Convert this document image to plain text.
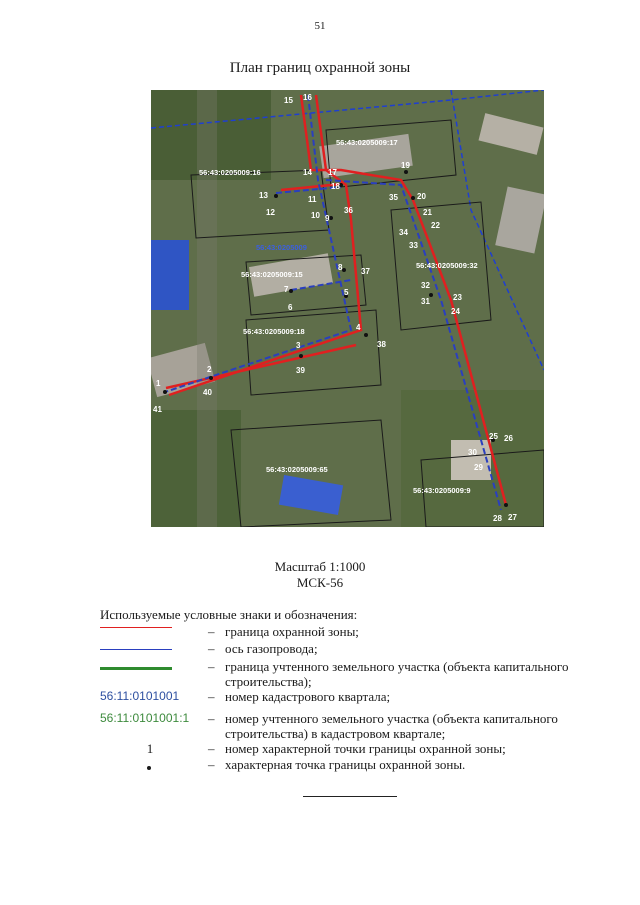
51
План границ охранной зоны
56:43:0205009:17
56:43:0205009:16
56:43:0205009:15
56:43:0205009:18
56:43:0205009:32
56:43:0205009:65
56:43:0205009:9
56:43:0205009
1
2
3
4
5
6
7
8
9
10
11
12
13
14
15 16
17
18
19
20
21
22
23
24
25 26
27
28
29
30
31
32
33
34
35
36
37
38
39
40
41
Масштаб 1:1000
МСК-56
Используемые условные знаки и обозначения:
– граница охранной зоны;
– ось газопровода;
– граница учтенного земельного участка (объекта капитального строительства);
56:11:0101001	– номер кадастрового квартала;
56:11:0101001:1	– номер учтенного земельного участка (объекта капитального строительства) в кадастровом квартале;
1	– номер характерной точки границы охранной зоны;
– характерная точка границы охранной зоны.
